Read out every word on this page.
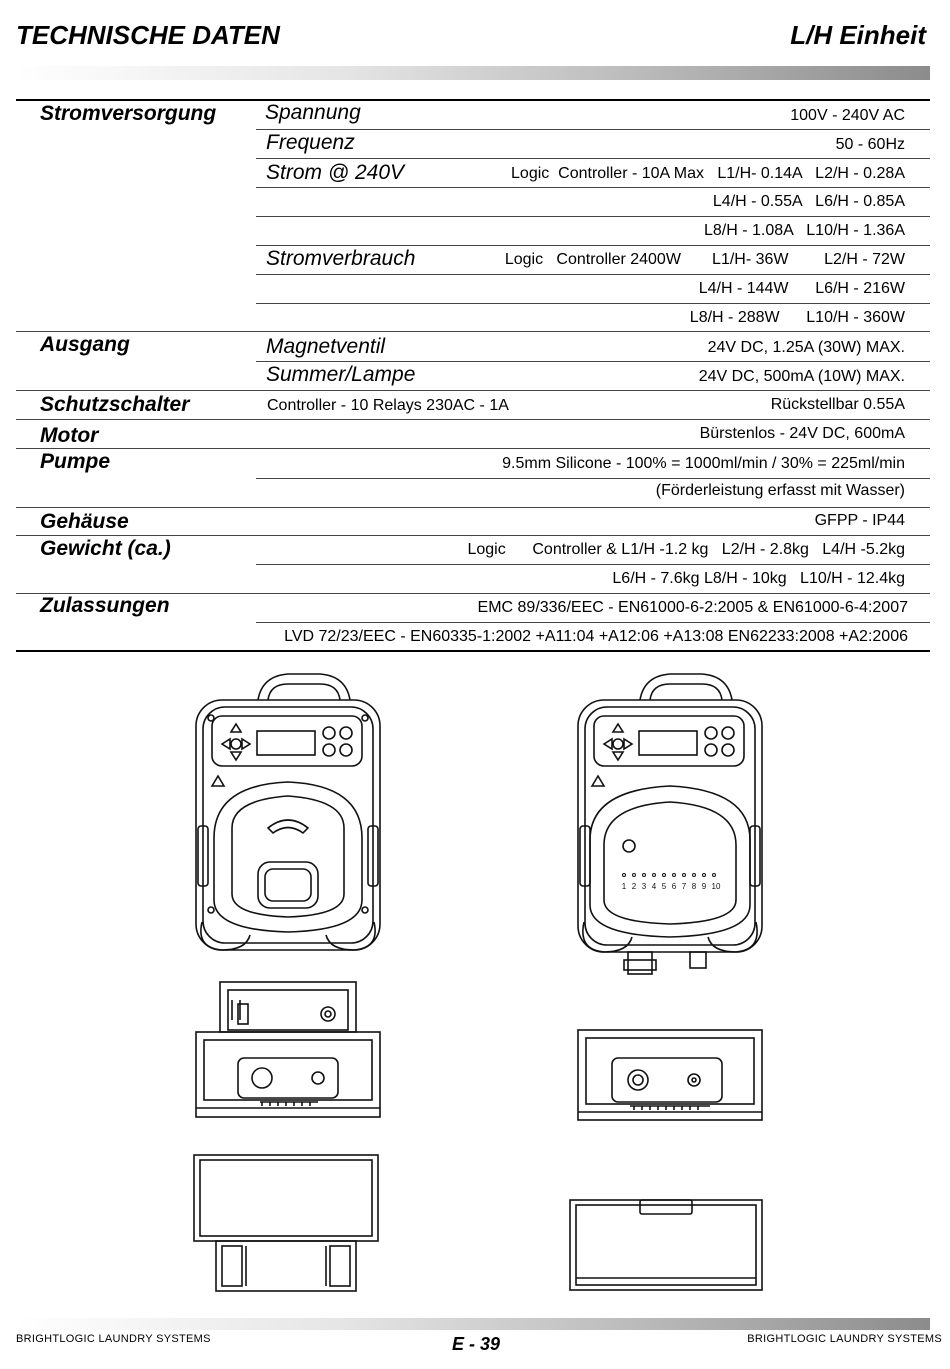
TECHNISCHE DATEN	L/H Einheit
Stromversorgung Spannung	100V - 240V AC
Frequenz	50 - 60Hz
Strom @ 240V	Logic  Controller - 10A Max   L1/H- 0.14A   L2/H - 0.28A
L4/H - 0.55A   L6/H - 0.85A
L8/H - 1.08A   L10/H - 1.36A
Stromverbrauch	Logic   Controller 2400W       L1/H- 36W        L2/H - 72W
L4/H - 144W      L6/H - 216W
L8/H - 288W      L10/H - 360W
Ausgang	Magnetventil	24V DC, 1.25A (30W) MAX.
Summer/Lampe	24V DC, 500mA (10W) MAX.
Schutzschalter	Controller - 10 Relays 230AC - 1A	Rückstellbar 0.55A
Motor	Bürstenlos - 24V DC, 600mA
Pumpe	9.5mm Silicone - 100% = 1000ml/min / 30% = 225ml/min
(Förderleistung erfasst mit Wasser)
Gehäuse	GFPP - IP44
Gewicht (ca.)	Logic      Controller & L1/H -1.2 kg   L2/H - 2.8kg   L4/H -5.2kg
L6/H - 7.6kg L8/H - 10kg   L10/H - 12.4kg
Zulassungen	EMC 89/336/EEC - EN61000-6-2:2005 & EN61000-6-4:2007
LVD 72/23/EEC - EN60335-1:2002 +A11:04 +A12:06 +A13:08 EN62233:2008 +A2:2006
1 2 3 4 5 6 7 8 9 10
BRIGHTLOGIC LAUNDRY SYSTEMS	BRIGHTLOGIC LAUNDRY SYSTEMS
E - 39
